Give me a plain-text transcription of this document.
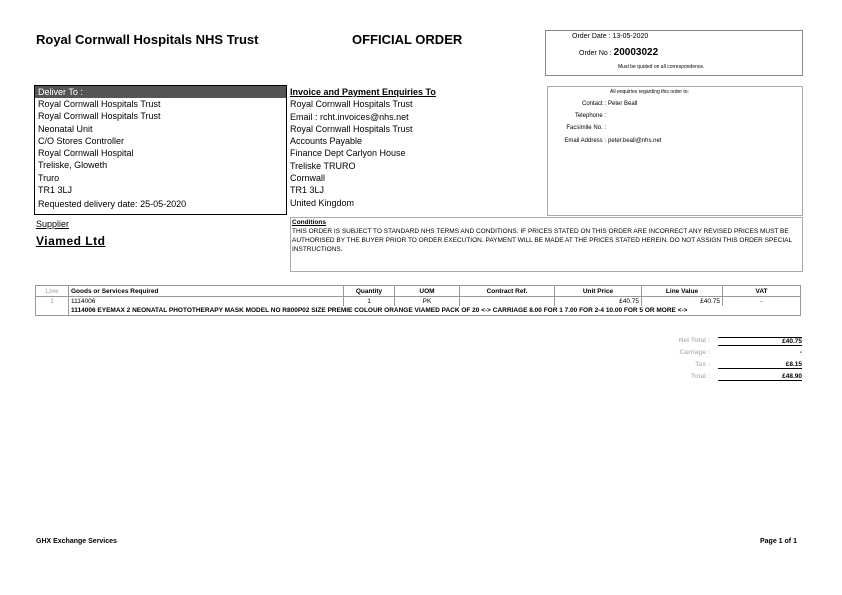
Royal Cornwall Hospitals NHS Trust	OFFICIAL ORDER	Order Date : 13-05-2020
Order No : 20003022
Must be quoted on all correspondence.
Deliver To :
Royal Cornwall Hospitals Trust
Royal Cornwall Hospitals Trust
Neonatal Unit
C/O Stores Controller
Royal Cornwall Hospital
Treliske, Gloweth
Truro
TR1 3LJ
Requested delivery date: 25-05-2020
Invoice and Payment Enquiries To
Royal Cornwall Hospitals Trust
Email : rcht.invoices@nhs.net
Royal Cornwall Hospitals Trust
Accounts Payable
Finance Dept Carlyon House
Treliske TRURO
Cornwall
TR1 3LJ
United Kingdom
All enquiries regarding this order to:
Contact : Peter Beall
Telephone :
Facsimile No. :
Email Address : peter.beall@nhs.net
Supplier
Viamed Ltd
Conditions
THIS ORDER IS SUBJECT TO STANDARD NHS TERMS AND CONDITIONS. IF PRICES STATED ON THIS ORDER ARE INCORRECT ANY REVISED PRICES MUST BE AUTHORISED BY THE BUYER PRIOR TO ORDER EXECUTION. PAYMENT WILL BE MADE AT THE PRICES STATED HEREIN. DO NOT ASSIGN THIS ORDER SPECIAL INSTRUCTIONS.
Line	Goods or Services Required	Quantity	UOM	Contract Ref.	Unit Price	Line Value	VAT
1	1114006	1	PK		£40.75	£40.75	-
	1114006 EYEMAX 2 NEONATAL PHOTOTHERAPY MASK MODEL NO R800P02 SIZE PREMIE COLOUR ORANGE VIAMED PACK OF 20 <-> CARRIAGE 8.00 FOR 1 7.00 FOR 2-4 10.00 FOR 5 OR MORE <->						
Net Total :	£40.75
Carriage :	-
Tax :	£8.15
Total :	£48.90
GHX Exchange Services	Page 1 of 1
